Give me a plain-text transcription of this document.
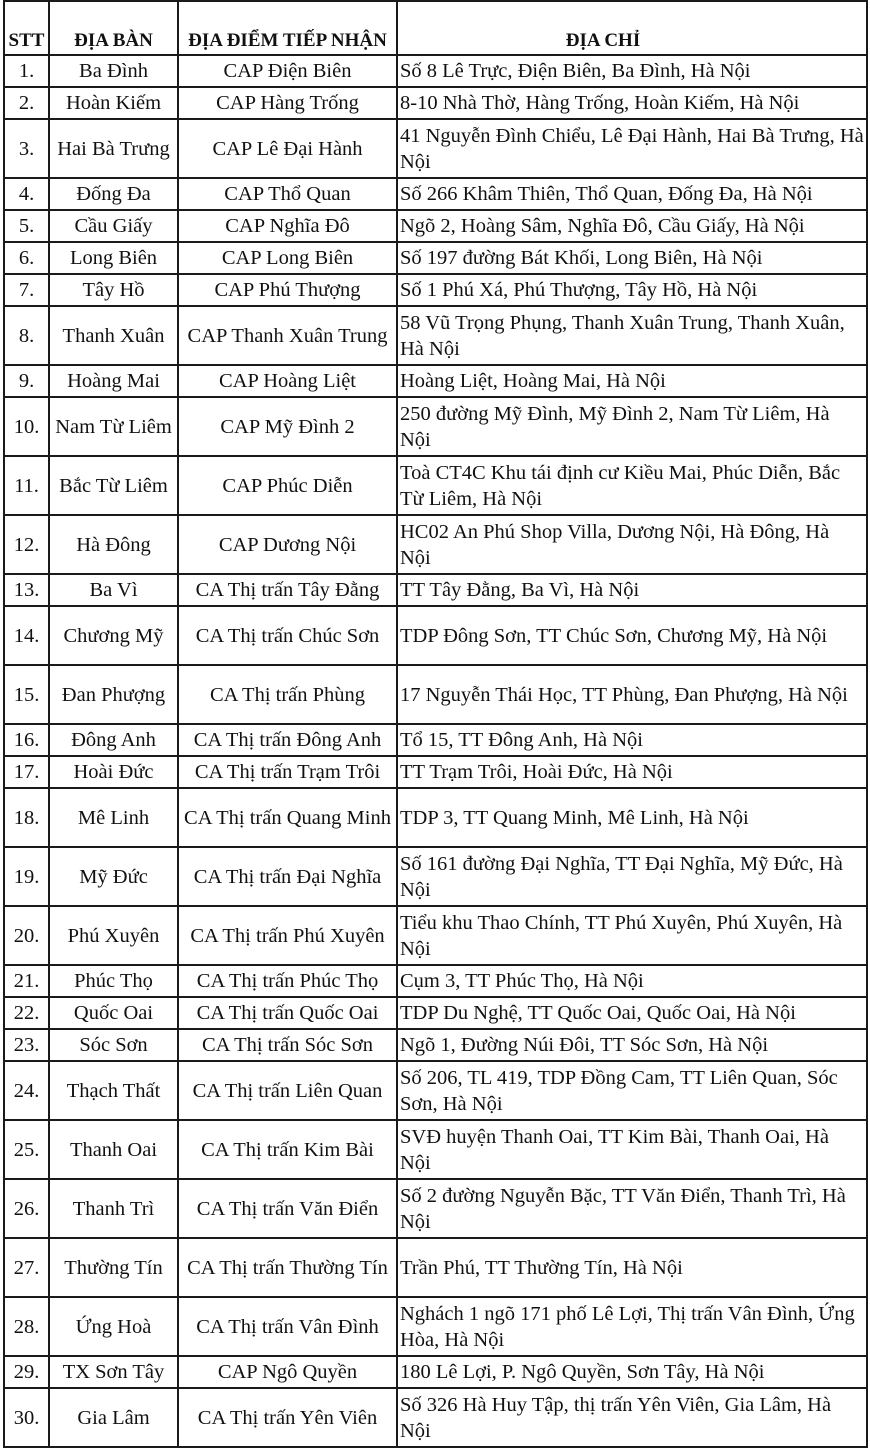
STT	ĐỊA BÀN	ĐỊA ĐIỂM TIẾP NHẬN	ĐỊA CHỈ
1.	Ba Đình	CAP Điện Biên	Số 8 Lê Trực, Điện Biên, Ba Đình, Hà Nội
2.	Hoàn Kiếm	CAP Hàng Trống	8-10 Nhà Thờ, Hàng Trống, Hoàn Kiếm, Hà Nội
3.	Hai Bà Trưng	CAP Lê Đại Hành	41 Nguyễn Đình Chiểu, Lê Đại Hành, Hai Bà Trưng, Hà Nội
4.	Đống Đa	CAP Thổ Quan	Số 266 Khâm Thiên, Thổ Quan, Đống Đa, Hà Nội
5.	Cầu Giấy	CAP Nghĩa Đô	Ngõ 2, Hoàng Sâm, Nghĩa Đô, Cầu Giấy, Hà Nội
6.	Long Biên	CAP Long Biên	Số 197 đường Bát Khối, Long Biên, Hà Nội
7.	Tây Hồ	CAP Phú Thượng	Số 1 Phú Xá, Phú Thượng, Tây Hồ, Hà Nội
8.	Thanh Xuân	CAP Thanh Xuân Trung	58 Vũ Trọng Phụng, Thanh Xuân Trung, Thanh Xuân, Hà Nội
9.	Hoàng Mai	CAP Hoàng Liệt	Hoàng Liệt, Hoàng Mai, Hà Nội
10.	Nam Từ Liêm	CAP Mỹ Đình 2	250 đường Mỹ Đình, Mỹ Đình 2, Nam Từ Liêm, Hà Nội
11.	Bắc Từ Liêm	CAP Phúc Diễn	Toà CT4C Khu tái định cư Kiều Mai, Phúc Diễn, Bắc Từ Liêm, Hà Nội
12.	Hà Đông	CAP Dương Nội	HC02 An Phú Shop Villa, Dương Nội, Hà Đông, Hà Nội
13.	Ba Vì	CA Thị trấn Tây Đằng	TT Tây Đằng, Ba Vì, Hà Nội
14.	Chương Mỹ	CA Thị trấn Chúc Sơn	TDP Đông Sơn, TT Chúc Sơn, Chương Mỹ, Hà Nội
15.	Đan Phượng	CA Thị trấn Phùng	17 Nguyễn Thái Học, TT Phùng, Đan Phượng, Hà Nội
16.	Đông Anh	CA Thị trấn Đông Anh	Tổ 15, TT Đông Anh, Hà Nội
17.	Hoài Đức	CA Thị trấn Trạm Trôi	TT Trạm Trôi, Hoài Đức, Hà Nội
18.	Mê Linh	CA Thị trấn Quang Minh	TDP 3, TT Quang Minh, Mê Linh, Hà Nội
19.	Mỹ Đức	CA Thị trấn Đại Nghĩa	Số 161 đường Đại Nghĩa, TT Đại Nghĩa, Mỹ Đức, Hà Nội
20.	Phú Xuyên	CA Thị trấn Phú Xuyên	Tiểu khu Thao Chính, TT Phú Xuyên, Phú Xuyên, Hà Nội
21.	Phúc Thọ	CA Thị trấn Phúc Thọ	Cụm 3, TT Phúc Thọ, Hà Nội
22.	Quốc Oai	CA Thị trấn Quốc Oai	TDP Du Nghệ, TT Quốc Oai, Quốc Oai, Hà Nội
23.	Sóc Sơn	CA Thị trấn Sóc Sơn	Ngõ 1, Đường Núi Đôi, TT Sóc Sơn, Hà Nội
24.	Thạch Thất	CA Thị trấn Liên Quan	Số 206, TL 419, TDP Đồng Cam, TT Liên Quan, Sóc Sơn, Hà Nội
25.	Thanh Oai	CA Thị trấn Kim Bài	SVĐ huyện Thanh Oai, TT Kim Bài, Thanh Oai, Hà Nội
26.	Thanh Trì	CA Thị trấn Văn Điển	Số 2 đường Nguyễn Bặc, TT Văn Điển, Thanh Trì, Hà Nội
27.	Thường Tín	CA Thị trấn Thường Tín	Trần Phú, TT Thường Tín, Hà Nội
28.	Ứng Hoà	CA Thị trấn Vân Đình	Nghách 1 ngõ 171 phố Lê Lợi, Thị trấn Vân Đình, Ứng Hòa, Hà Nội
29.	TX Sơn Tây	CAP Ngô Quyền	180 Lê Lợi, P. Ngô Quyền, Sơn Tây, Hà Nội
30.	Gia Lâm	CA Thị trấn Yên Viên	Số 326 Hà Huy Tập, thị trấn Yên Viên, Gia Lâm, Hà Nội
